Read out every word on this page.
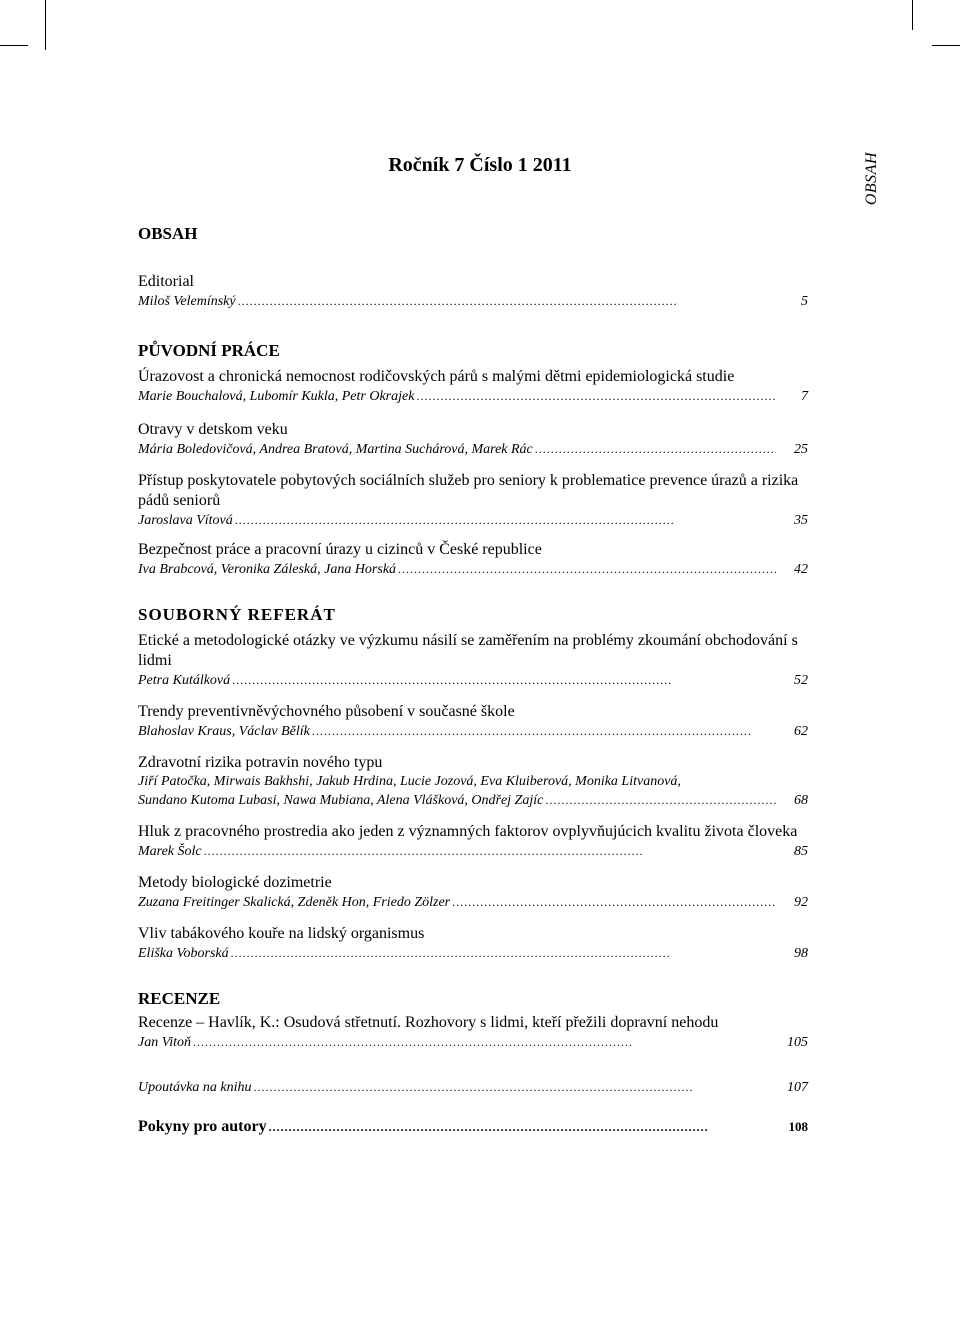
OBSAH
Ročník 7 Číslo 1 2011
OBSAH
Editorial
Miloš Velemínský . . .	5
PŮVODNÍ PRÁCE
Úrazovost a chronická nemocnost rodičovských párů s malými dětmi epidemiologická studie
Marie Bouchalová, Lubomír Kukla, Petr Okrajek . . .	7
Otravy v detskom veku
Mária Boledovičová, Andrea Bratová, Martina Suchárová, Marek Rác . . .	25
Přístup poskytovatele pobytových sociálních služeb pro seniory k problematice prevence úrazů a rizika pádů seniorů
Jaroslava Vítová . . .	35
Bezpečnost práce a pracovní úrazy u cizinců v České republice
Iva Brabcová, Veronika Záleská, Jana Horská . . .	42
SOUBORNÝ REFERÁT
Etické a metodologické otázky ve výzkumu násilí se zaměřením na problémy zkoumání obchodování s lidmi
Petra Kutálková . . .	52
Trendy preventivněvýchovného působení v současné škole
Blahoslav Kraus, Václav Bělík . . .	62
Zdravotní rizika potravin nového typu
Jiří Patočka, Mirwais Bakhshi, Jakub Hrdina, Lucie Jozová, Eva Kluiberová, Monika Litvanová,
Sundano Kutoma Lubasi, Nawa Mubiana, Alena Vlášková, Ondřej Zajíc . . .	68
Hluk z pracovného prostredia ako jeden z významných faktorov ovplyvňujúcich kvalitu života človeka
Marek Šolc . . .	85
Metody biologické dozimetrie
Zuzana Freitinger Skalická, Zdeněk Hon, Friedo Zölzer . . .	92
Vliv tabákového kouře na lidský organismus
Eliška Voborská . . .	98
RECENZE
Recenze – Havlík, K.: Osudová střetnutí. Rozhovory s lidmi, kteří přežili dopravní nehodu
Jan Vitoň . . .	105
Upoutávka na knihu . . .	107
Pokyny pro autory . . .	108
